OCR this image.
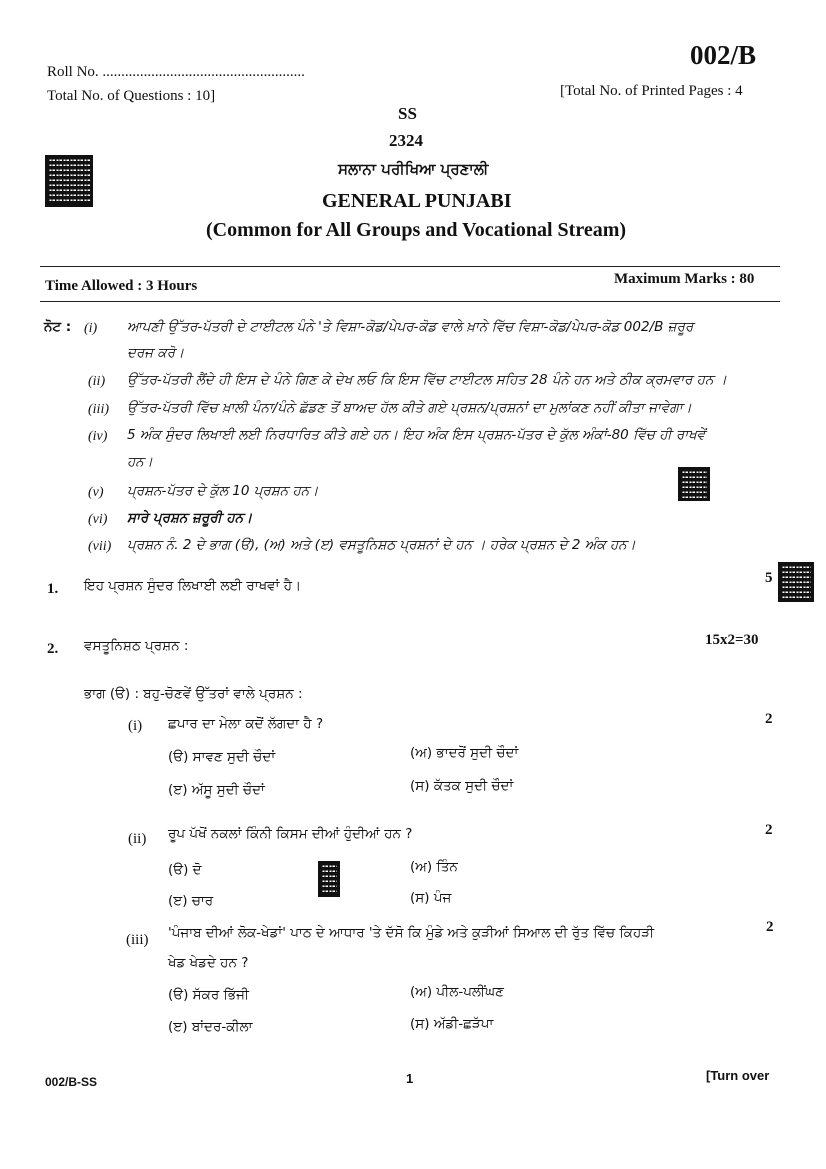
Roll No. ......................................................
002/B
Total No. of Questions : 10]	[Total No. of Printed Pages : 4
SS
2324
ਸਲਾਨਾ ਪਰੀਖਿਆ ਪ੍ਰਣਾਲੀ
GENERAL PUNJABI
(Common for All Groups and Vocational Stream)
Time Allowed : 3 Hours	Maximum Marks : 80
ਨੋਟ : (i) ਆਪਣੀ ਉੱਤਰ-ਪੱਤਰੀ ਦੇ ਟਾਈਟਲ ਪੰਨੇ 'ਤੇ ਵਿਸ਼ਾ-ਕੋਡ/ਪੇਪਰ-ਕੋਡ ਵਾਲੇ ਖ਼ਾਨੇ ਵਿੱਚ ਵਿਸ਼ਾ-ਕੋਡ/ਪੇਪਰ-ਕੋਡ 002/B ਜ਼ਰੂਰ
ਦਰਜ ਕਰੋ।
(ii) ਉੱਤਰ-ਪੱਤਰੀ ਲੈਂਦੇ ਹੀ ਇਸ ਦੇ ਪੰਨੇ ਗਿਣ ਕੇ ਦੇਖ ਲਓ ਕਿ ਇਸ ਵਿੱਚ ਟਾਈਟਲ ਸਹਿਤ 28 ਪੰਨੇ ਹਨ ਅਤੇ ਠੀਕ ਕ੍ਰਮਵਾਰ ਹਨ ।
(iii) ਉੱਤਰ-ਪੱਤਰੀ ਵਿੱਚ ਖ਼ਾਲੀ ਪੰਨਾ/ਪੰਨੇ ਛੱਡਣ ਤੋਂ ਬਾਅਦ ਹੱਲ ਕੀਤੇ ਗਏ ਪ੍ਰਸ਼ਨ/ਪ੍ਰਸ਼ਨਾਂ ਦਾ ਮੁਲਾਂਕਣ ਨਹੀਂ ਕੀਤਾ ਜਾਵੇਗਾ।
(iv) 5 ਅੰਕ ਸੁੰਦਰ ਲਿਖਾਈ ਲਈ ਨਿਰਧਾਰਿਤ ਕੀਤੇ ਗਏ ਹਨ। ਇਹ ਅੰਕ ਇਸ ਪ੍ਰਸ਼ਨ-ਪੱਤਰ ਦੇ ਕੁੱਲ ਅੰਕਾਂ-80 ਵਿੱਚ ਹੀ ਰਾਖਵੇਂ
ਹਨ।
(v) ਪ੍ਰਸ਼ਨ-ਪੱਤਰ ਦੇ ਕੁੱਲ 10 ਪ੍ਰਸ਼ਨ ਹਨ।
(vi) ਸਾਰੇ ਪ੍ਰਸ਼ਨ ਜ਼ਰੂਰੀ ਹਨ।
(vii) ਪ੍ਰਸ਼ਨ ਨੰ. 2 ਦੇ ਭਾਗ (ੳ), (ਅ) ਅਤੇ (ੲ) ਵਸਤੂਨਿਸ਼ਠ ਪ੍ਰਸ਼ਨਾਂ ਦੇ ਹਨ । ਹਰੇਕ ਪ੍ਰਸ਼ਨ ਦੇ 2 ਅੰਕ ਹਨ।
1. ਇਹ ਪ੍ਰਸ਼ਨ ਸੁੰਦਰ ਲਿਖਾਈ ਲਈ ਰਾਖਵਾਂ ਹੈ।	5
2. ਵਸਤੂਨਿਸ਼ਠ ਪ੍ਰਸ਼ਨ :	15x2=30
ਭਾਗ (ੳ) : ਬਹੁ-ਚੋਣਵੇਂ ਉੱਤਰਾਂ ਵਾਲੇ ਪ੍ਰਸ਼ਨ :
(i) ਛਪਾਰ ਦਾ ਮੇਲਾ ਕਦੋਂ ਲੱਗਦਾ ਹੈ ?	2
(ੳ) ਸਾਵਣ ਸੁਦੀ ਚੌਦਾਂ	(ਅ) ਭਾਦਰੋਂ ਸੁਦੀ ਚੌਦਾਂ
(ੲ) ਅੱਸੂ ਸੁਦੀ ਚੌਦਾਂ	(ਸ) ਕੱਤਕ ਸੁਦੀ ਚੌਦਾਂ
(ii) ਰੂਪ ਪੱਖੋਂ ਨਕਲਾਂ ਕਿੰਨੀ ਕਿਸਮ ਦੀਆਂ ਹੁੰਦੀਆਂ ਹਨ ?	2
(ੳ) ਦੋ	(ਅ) ਤਿੰਨ
(ੲ) ਚਾਰ	(ਸ) ਪੰਜ
(iii) 'ਪੰਜਾਬ ਦੀਆਂ ਲੋਕ-ਖੇਡਾਂ' ਪਾਠ ਦੇ ਆਧਾਰ 'ਤੇ ਦੱਸੋ ਕਿ ਮੁੰਡੇ ਅਤੇ ਕੁੜੀਆਂ ਸਿਆਲ ਦੀ ਰੁੱਤ ਵਿੱਚ ਕਿਹੜੀ
ਖੇਡ ਖੇਡਦੇ ਹਨ ?
2
(ੳ) ਸੱਕਰ ਭਿੱਜੀ	(ਅ) ਪੀਲ-ਪਲੀਂਘਣ
(ੲ) ਬਾਂਦਰ-ਕੀਲਾ	(ਸ) ਅੱਡੀ-ਛੜੱਪਾ
002/B-SS	1	[Turn over
